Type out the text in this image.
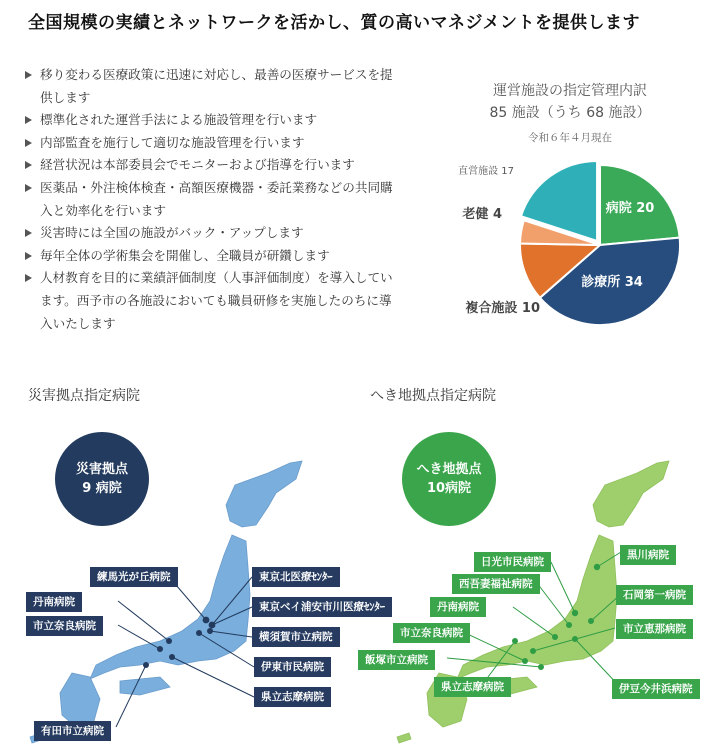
全国規模の実績とネットワークを活かし、質の高いマネジメントを提供します
移り変わる医療政策に迅速に対応し、最善の医療サービスを提供します
標準化された運営手法による施設管理を行います
内部監査を施行して適切な施設管理を行います
経営状況は本部委員会でモニターおよび指導を行います
医薬品・外注検体検査・高額医療機器・委託業務などの共同購入と効率化を行います
災害時には全国の施設がバック・アップします
毎年全体の学術集会を開催し、全職員が研鑽します
人材教育を目的に業績評価制度（人事評価制度）を導入しています。西予市の各施設においても職員研修を実施したのちに導入いたします
運営施設の指定管理内訳
85 施設（うち 68 施設）
令和６年４月現在
病院 20
診療所 34
複合施設 10
老健 4
直営施設 17
災害拠点指定病院	へき地拠点指定病院
災害拠点
9 病院
へき地拠点
10病院
練馬光が丘病院
丹南病院
市立奈良病院
東京北医療ｾﾝﾀｰ
東京ベイ浦安市川医療ｾﾝﾀｰ
横須賀市立病院
伊東市民病院
県立志摩病院
有田市立病院
日光市民病院
西吾妻福祉病院
丹南病院
市立奈良病院
飯塚市立病院
県立志摩病院
黒川病院
石岡第一病院
市立恵那病院
伊豆今井浜病院
